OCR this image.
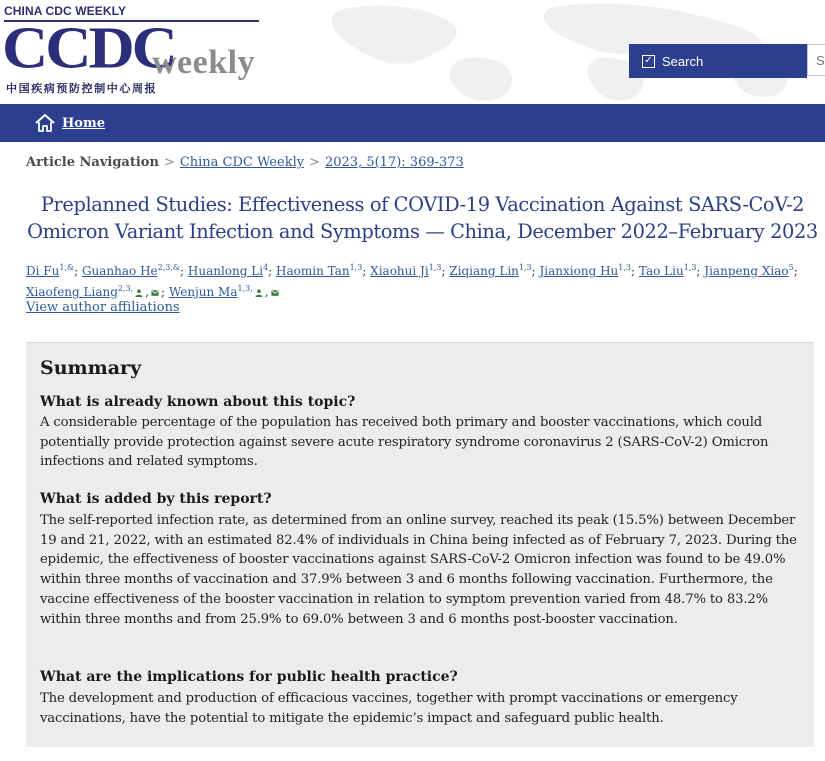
CHINA CDC WEEKLY
CCDC
weekly
中国疾病预防控制中心周报
✓ Search	S
Home
Article Navigation > China CDC Weekly > 2023, 5(17): 369-373
Preplanned Studies: Effectiveness of COVID-19 Vaccination Against SARS-CoV-2
Omicron Variant Infection and Symptoms — China, December 2022–February 2023
Di $Fu^{1,\&}$; Guanhao $He^{2,3,\&}$; Huanlong Li$^4$; Haomin Tan$^{1,3}$; Xiaohui Ji$^{1,3}$; Ziqiang Lin$^{1,3}$; Jianxiong Hu$^{1,3}$; Tao Liu$^{1,3}$; Jianpeng Xiao$^5$; Xiaofeng Liang$^{2,3,}$ , ; Wenjun $Ma^{1,3,}$ ,
View author affiliations
Summary
What is already known about this topic?
A considerable percentage of the population has received both primary and booster vaccinations, which could potentially provide protection against severe acute respiratory syndrome coronavirus 2 (SARS-CoV-2) Omicron infections and related symptoms.
What is added by this report?
The self-reported infection rate, as determined from an online survey, reached its peak (15.5%) between December 19 and 21, 2022, with an estimated 82.4% of individuals in China being infected as of February 7, 2023. During the epidemic, the effectiveness of booster vaccinations against SARS-CoV-2 Omicron infection was found to be 49.0% within three months of vaccination and 37.9% between 3 and 6 months following vaccination. Furthermore, the vaccine effectiveness of the booster vaccination in relation to symptom prevention varied from 48.7% to 83.2% within three months and from 25.9% to 69.0% between 3 and 6 months post-booster vaccination.
What are the implications for public health practice?
The development and production of efficacious vaccines, together with prompt vaccinations or emergency vaccinations, have the potential to mitigate the epidemic’s impact and safeguard public health.
